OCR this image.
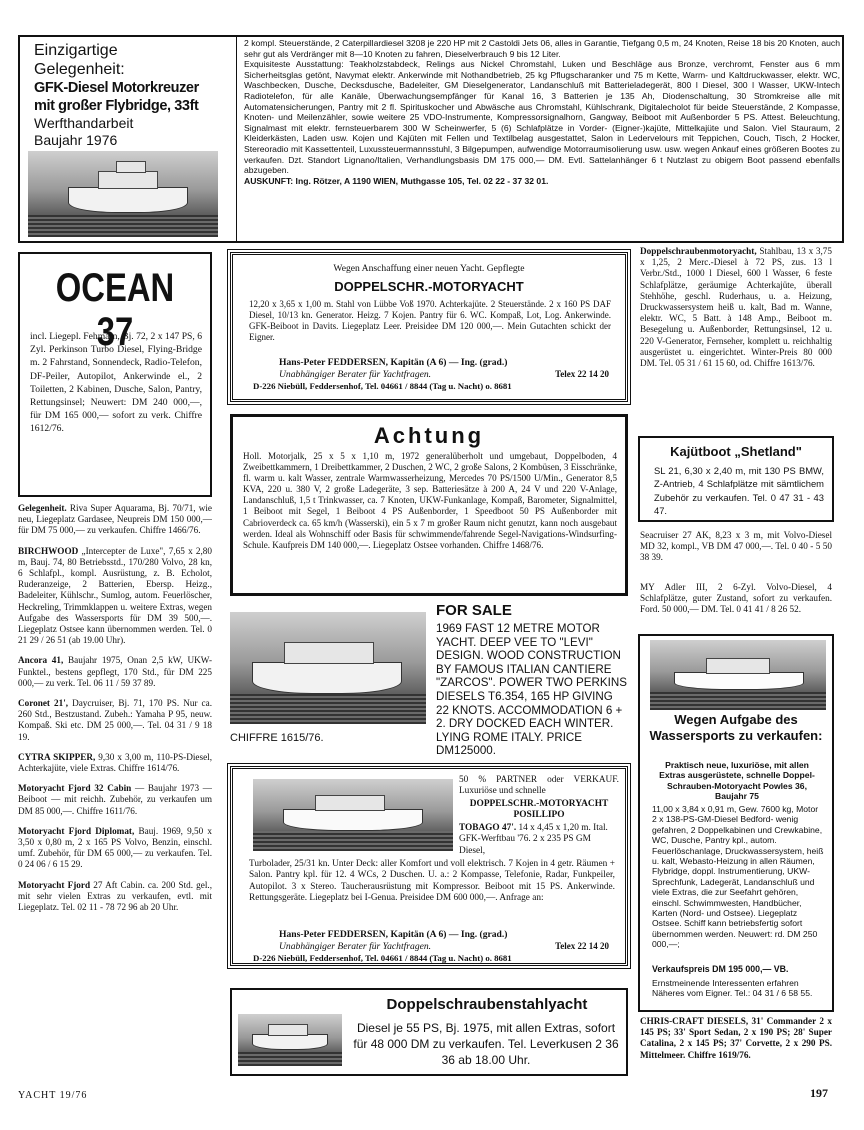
Einzigartige
Gelegenheit:
GFK-Diesel Motorkreuzer
mit großer Flybridge, 33ft
Werfthandarbeit
Baujahr 1976
2 kompl. Steuerstände, 2 Caterpillardiesel 3208 je 220 HP mit 2 Castoldi Jets 06, alles in Garantie, Tiefgang 0,5 m, 24 Knoten, Reise 18 bis 20 Knoten, auch sehr gut als Verdränger mit 8—10 Knoten zu fahren, Dieselverbrauch 9 bis 12 Liter.
Exquisiteste Ausstattung: Teakholzstabdeck, Relings aus Nickel Chromstahl, Luken und Beschläge aus Bronze, verchromt, Fenster aus 6 mm Sicherheitsglas getönt, Navymat elektr. Ankerwinde mit Nothandbetrieb, 25 kg Pflugscharanker und 75 m Kette, Warm- und Kaltdruckwasser, elektr. WC, Waschbecken, Dusche, Decksdusche, Badeleiter, GM Dieselgenerator, Landanschluß mit Batterieladegerät, 800 l Diesel, 300 l Wasser, UKW-Intech Radiotelefon, für alle Kanäle, Überwachungsempfänger für Kanal 16, 3 Batterien je 135 Ah, Diodenschaltung, 30 Stromkreise alle mit Automatensicherungen, Pantry mit 2 fl. Spirituskocher und Abwäsche aus Chromstahl, Kühlschrank, Digitalecholot für beide Steuerstände, 2 Kompasse, Knoten- und Meilenzähler, sowie weitere 25 VDO-Instrumente, Kompressorsignalhorn, Gangway, Beiboot mit Außenborder 5 PS. Attest. Beleuchtung, Signalmast mit elektr. fernsteuerbarem 300 W Scheinwerfer, 5 (6) Schlafplätze in Vorder- (Eigner-)kajüte, Mittelkajüte und Salon. Viel Stauraum, 2 Kleiderkästen, Laden usw. Kojen und Kajüten mit Fellen und Textilbelag ausgestattet, Salon in Ledervelours mit Teppichen, Couch, Tisch, 2 Hocker, Stereoradio mit Kassettenteil, Luxussteuermannsstuhl, 3 Bilgepumpen, aufwendige Motorraumisolierung usw. usw. wegen Ankauf eines größeren Bootes zu verkaufen. Dzt. Standort Lignano/Italien, Verhandlungsbasis DM 175 000,— DM. Evtl. Sattelanhänger 6 t Nutzlast zu obigem Boot passend ebenfalls abzugeben.
AUSKUNFT: Ing. Rötzer, A 1190 WIEN, Muthgasse 105, Tel. 02 22 - 37 32 01.
OCEAN 37
incl. Liegepl. Fehmarn, Bj. 72, 2 x 147 PS, 6 Zyl. Perkinson Turbo Diesel, Flying-Bridge m. 2 Fahrstand, Sonnendeck, Radio-Telefon, DF-Peiler, Autopilot, Ankerwinde el., 2 Toiletten, 2 Kabinen, Dusche, Salon, Pantry, Rettungsinsel; Neuwert: DM 240 000,—, für DM 165 000,— sofort zu verk. Chiffre 1612/76.
Gelegenheit. Riva Super Aquarama, Bj. 70/71, wie neu, Liegeplatz Gardasee, Neupreis DM 150 000,— für DM 75 000,— zu verkaufen. Chiffre 1466/76.
BIRCHWOOD „Intercepter de Luxe", 7,65 x 2,80 m, Bauj. 74, 80 Betriebsstd., 170/280 Volvo, 28 kn, 6 Schlafpl., kompl. Ausrüstung, z. B. Echolot, Ruderanzeige, 2 Batterien, Ebersp. Heizg., Badeleiter, Kühlschr., Sumlog, autom. Feuerlöscher, Heckreling, Trimmklappen u. weitere Extras, wegen Aufgabe des Wassersports für DM 39 500,—. Liegeplatz Ostsee kann übernommen werden. Tel. 0 21 29 / 26 51 (ab 19.00 Uhr).
Ancora 41, Baujahr 1975, Onan 2,5 kW, UKW-Funktel., bestens gepflegt, 170 Std., für DM 225 000,— zu verk. Tel. 06 11 / 59 37 89.
Coronet 21', Daycruiser, Bj. 71, 170 PS. Nur ca. 260 Std., Bestzustand. Zubeh.: Yamaha P 95, neuw. Kompaß. Ski etc. DM 25 000,—. Tel. 04 31 / 9 18 19.
CYTRA SKIPPER, 9,30 x 3,00 m, 110-PS-Diesel, Achterkajüte, viele Extras. Chiffre 1614/76.
Motoryacht Fjord 32 Cabin — Baujahr 1973 — Beiboot — mit reichh. Zubehör, zu verkaufen um DM 85 000,—. Chiffre 1611/76.
Motoryacht Fjord Diplomat, Bauj. 1969, 9,50 x 3,50 x 0,80 m, 2 x 165 PS Volvo, Benzin, einschl. umf. Zubehör, für DM 65 000,— zu verkaufen. Tel. 0 24 06 / 6 15 29.
Motoryacht Fjord 27 Aft Cabin. ca. 200 Std. gel., mit sehr vielen Extras zu verkaufen, evtl. mit Liegeplatz. Tel. 02 11 - 78 72 96 ab 20 Uhr.
Wegen Anschaffung einer neuen Yacht. Gepflegte
DOPPELSCHR.-MOTORYACHT
12,20 x 3,65 x 1,00 m. Stahl von Lübbe Voß 1970. Achterkajüte. 2 Steuerstände. 2 x 160 PS DAF Diesel, 10/13 kn. Generator. Heizg. 7 Kojen. Pantry für 6. WC. Kompaß, Lot, Log. Ankerwinde. GFK-Beiboot in Davits. Liegeplatz Leer. Preisidee DM 120 000,—. Mein Gutachten schickt der Eigner.
Hans-Peter FEDDERSEN, Kapitän (A 6) — Ing. (grad.)
Unabhängiger Berater für Yachtfragen.	Telex 22 14 20
D-226 Niebüll, Feddersenhof, Tel. 04661 / 8844 (Tag u. Nacht) o. 8681
Achtung
Holl. Motorjalk, 25 x 5 x 1,10 m, 1972 generalüberholt und umgebaut, Doppelboden, 4 Zweibettkammern, 1 Dreibettkammer, 2 Duschen, 2 WC, 2 große Salons, 2 Kombüsen, 3 Eisschränke, fl. warm u. kalt Wasser, zentrale Warmwasserheizung, Mercedes 70 PS/1500 U/Min., Generator 8,5 KVA, 220 u. 380 V, 2 große Ladegeräte, 3 sep. Batteriesätze à 200 A, 24 V und 220 V-Anlage, Landanschluß, 1,5 t Trinkwasser, ca. 7 Knoten, UKW-Funkanlage, Kompaß, Barometer, Signalmittel, 1 Beiboot mit Segel, 1 Beiboot 4 PS Außenborder, 1 Speedboot 50 PS Außenborder mit Cabrioverdeck ca. 65 km/h (Wasserski), ein 5 x 7 m großer Raum nicht genutzt, kann noch ausgebaut werden. Ideal als Wohnschiff oder Basis für schwimmende/fahrende Segel-Navigations-Windsurfing-Schule. Kaufpreis DM 140 000,—. Liegeplatz Ostsee vorhanden. Chiffre 1468/76.
FOR SALE
1969 FAST 12 METRE MOTOR YACHT. DEEP VEE TO "LEVI" DESIGN. WOOD CONSTRUCTION BY FAMOUS ITALIAN CANTIERE "ZARCOS". POWER TWO PERKINS DIESELS T6.354, 165 HP GIVING 22 KNOTS. ACCOMMODATION 6 + 2. DRY DOCKED EACH WINTER. LYING ROME ITALY. PRICE DM125000.
CHIFFRE 1615/76.
50 % PARTNER oder VERKAUF. Luxuriöse und schnelle
DOPPELSCHR.-MOTORYACHT POSILLIPO
TOBAGO 47'. 14 x 4,45 x 1,20 m. Ital. GFK-Werftbau '76. 2 x 235 PS GM Diesel,
Turbolader, 25/31 kn. Unter Deck: aller Komfort und voll elektrisch. 7 Kojen in 4 getr. Räumen + Salon. Pantry kpl. für 12. 4 WCs, 2 Duschen. U. a.: 2 Kompasse, Telefonie, Radar, Funkpeiler, Autopilot. 3 x Stereo. Taucherausrüstung mit Kompressor. Beiboot mit 15 PS. Ankerwinde. Rettungsgeräte. Liegeplatz bei I-Genua. Preisidee DM 600 000,—. Anfrage an:
Hans-Peter FEDDERSEN, Kapitän (A 6) — Ing. (grad.)
Unabhängiger Berater für Yachtfragen.	Telex 22 14 20
D-226 Niebüll, Feddersenhof, Tel. 04661 / 8844 (Tag u. Nacht) o. 8681
Doppelschraubenstahlyacht
Diesel je 55 PS, Bj. 1975, mit allen Extras, sofort für 48 000 DM zu verkaufen. Tel. Leverkusen 2 36 36 ab 18.00 Uhr.
Doppelschraubenmotoryacht, Stahlbau, 13 x 3,75 x 1,25, 2 Merc.-Diesel à 72 PS, zus. 13 l Verbr./Std., 1000 l Diesel, 600 l Wasser, 6 feste Schlafplätze, geräumige Achterkajüte, überall Stehhöhe, geschl. Ruderhaus, u. a. Heizung, Druckwassersystem heiß u. kalt, Bad m. Wanne, elektr. WC, 5 Batt. à 148 Amp., Beiboot m. Besegelung u. Außenborder, Rettungsinsel, 12 u. 220 V-Generator, Fernseher, komplett u. reichhaltig ausgerüstet u. eingerichtet. Winter-Preis 80 000 DM. Tel. 05 31 / 61 15 60, od. Chiffre 1613/76.
Kajütboot „Shetland"
SL 21, 6,30 x 2,40 m, mit 130 PS BMW, Z-Antrieb, 4 Schlafplätze mit sämtlichem Zubehör zu verkaufen. Tel. 0 47 31 - 43 47.
Seacruiser 27 AK, 8,23 x 3 m, mit Volvo-Diesel MD 32, kompl., VB DM 47 000,—. Tel. 0 40 - 5 50 38 39.
MY Adler III, 2 6-Zyl. Volvo-Diesel, 4 Schlafplätze, guter Zustand, sofort zu verkaufen. Ford. 50 000,— DM. Tel. 0 41 41 / 8 26 52.
Wegen Aufgabe des Wassersports zu verkaufen:
Praktisch neue, luxuriöse, mit allen Extras ausgerüstete, schnelle Doppel-Schrauben-Motoryacht Powles 36, Baujahr 75
11,00 x 3,84 x 0,91 m, Gew. 7600 kg, Motor 2 x 138-PS-GM-Diesel Bedford- wenig gefahren, 2 Doppelkabinen und Crewkabine, WC, Dusche, Pantry kpl., autom. Feuerlöschanlage, Druckwassersystem, heiß u. kalt, Webasto-Heizung in allen Räumen, Flybridge, doppl. Instrumentierung, UKW-Sprechfunk, Ladegerät, Landanschluß und viele Extras, die zur Seefahrt gehören, einschl. Schwimmwesten, Handbücher, Karten (Nord- und Ostsee). Liegeplatz Ostsee. Schiff kann betriebsfertig sofort übernommen werden. Neuwert: rd. DM 250 000,—;
Verkaufspreis DM 195 000,— VB.
Ernstmeinende Interessenten erfahren Näheres vom Eigner. Tel.: 04 31 / 6 58 55.
CHRIS-CRAFT DIESELS, 31' Commander 2 x 145 PS; 33' Sport Sedan, 2 x 190 PS; 28' Super Catalina, 2 x 145 PS; 37' Corvette, 2 x 290 PS. Mittelmeer. Chiffre 1619/76.
YACHT 19/76	197
